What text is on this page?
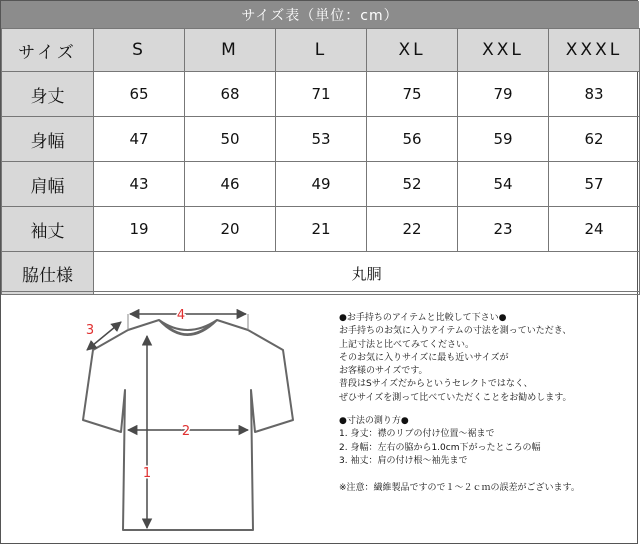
サイズ表（単位：cm）
サイズ	S	M	L	XL	XXL	XXXL
身丈	65	68	71	75	79	83
身幅	47	50	53	56	59	62
肩幅	43	46	49	52	54	57
袖丈	19	20	21	22	23	24
脇仕様	丸胴					
4
3
2
1

●お手持ちのアイテムと比較して下さい●

お手持ちのお気に入りアイテムの寸法を測っていただき、

上記寸法と比べてみてください。

そのお気に入りサイズに最も近いサイズが

お客様のサイズです。

普段はSサイズだからというセレクトではなく、

ぜひサイズを測って比べていただくことをお勧めします。

●寸法の測り方●

1. 身丈：襟のリブの付け位置～裾まで

2. 身幅：左右の脇から1.0cm下がったところの幅

3. 袖丈：肩の付け根～袖先まで

※注意：繊維製品ですので１～２ｃｍの誤差がございます。
